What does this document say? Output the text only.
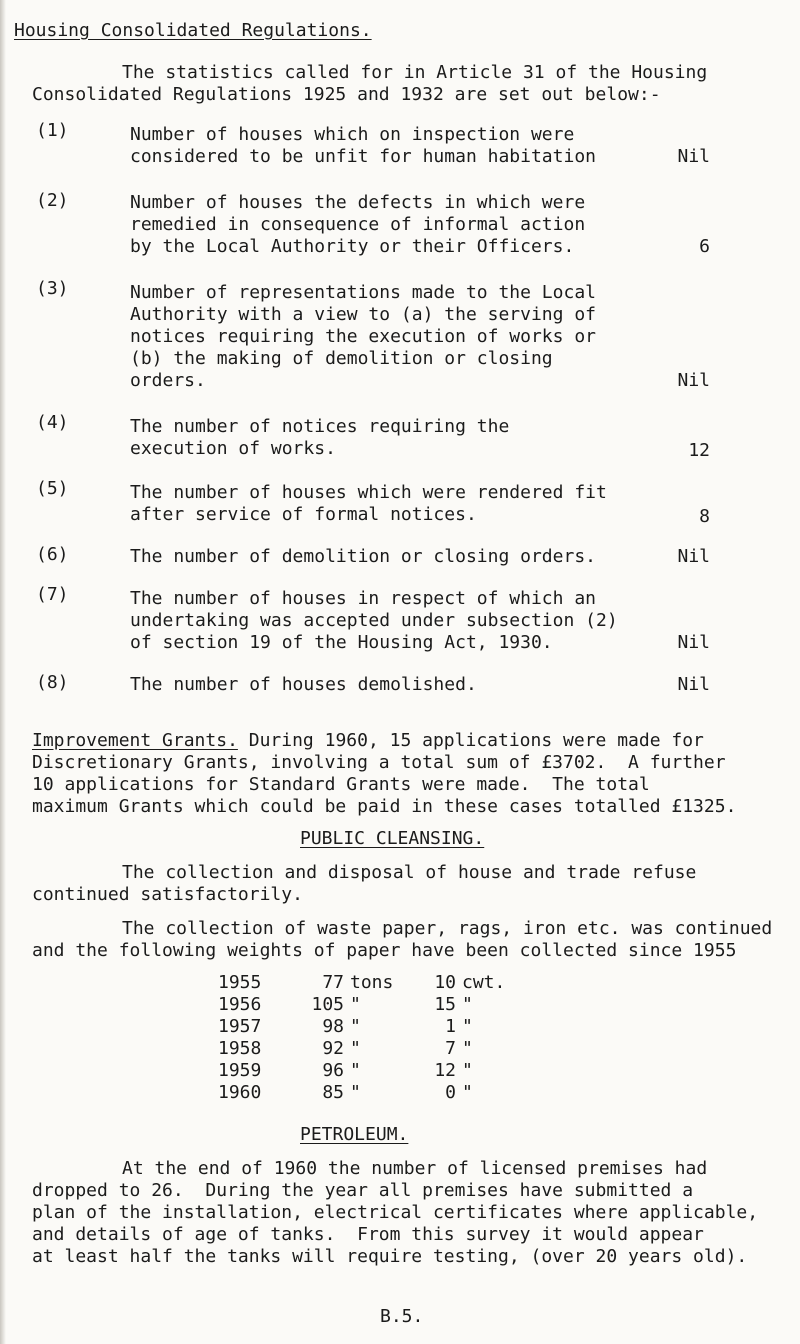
Housing Consolidated Regulations.
The statistics called for in Article 31 of the Housing
Consolidated Regulations 1925 and 1932 are set out below:-
(1)	Number of houses which on inspection were
considered to be unfit for human habitation	Nil
(2)	Number of houses the defects in which were
remedied in consequence of informal action
by the Local Authority or their Officers.	6
(3)	Number of representations made to the Local
Authority with a view to (a) the serving of
notices requiring the execution of works or
(b) the making of demolition or closing
orders.	Nil
(4)	The number of notices requiring the
execution of works.	12
(5)	The number of houses which were rendered fit
after service of formal notices.	8
(6)	The number of demolition or closing orders.	Nil
(7)	The number of houses in respect of which an
undertaking was accepted under subsection (2)
of section 19 of the Housing Act, 1930.	Nil
(8)	The number of houses demolished.	Nil
Improvement Grants. During 1960, 15 applications were made for
Discretionary Grants, involving a total sum of £3702.  A further
10 applications for Standard Grants were made.  The total
maximum Grants which could be paid in these cases totalled £1325.
PUBLIC CLEANSING.
The collection and disposal of house and trade refuse
continued satisfactorily.
The collection of waste paper, rags, iron etc. was continued
and the following weights of paper have been collected since 1955
1955	77	tons	10	cwt.
1956	105	"	15	"
1957	98	"	1	"
1958	92	"	7	"
1959	96	"	12	"
1960	85	"	0	"
PETROLEUM.
At the end of 1960 the number of licensed premises had
dropped to 26.  During the year all premises have submitted a
plan of the installation, electrical certificates where applicable,
and details of age of tanks.  From this survey it would appear
at least half the tanks will require testing, (over 20 years old).
B.5.
